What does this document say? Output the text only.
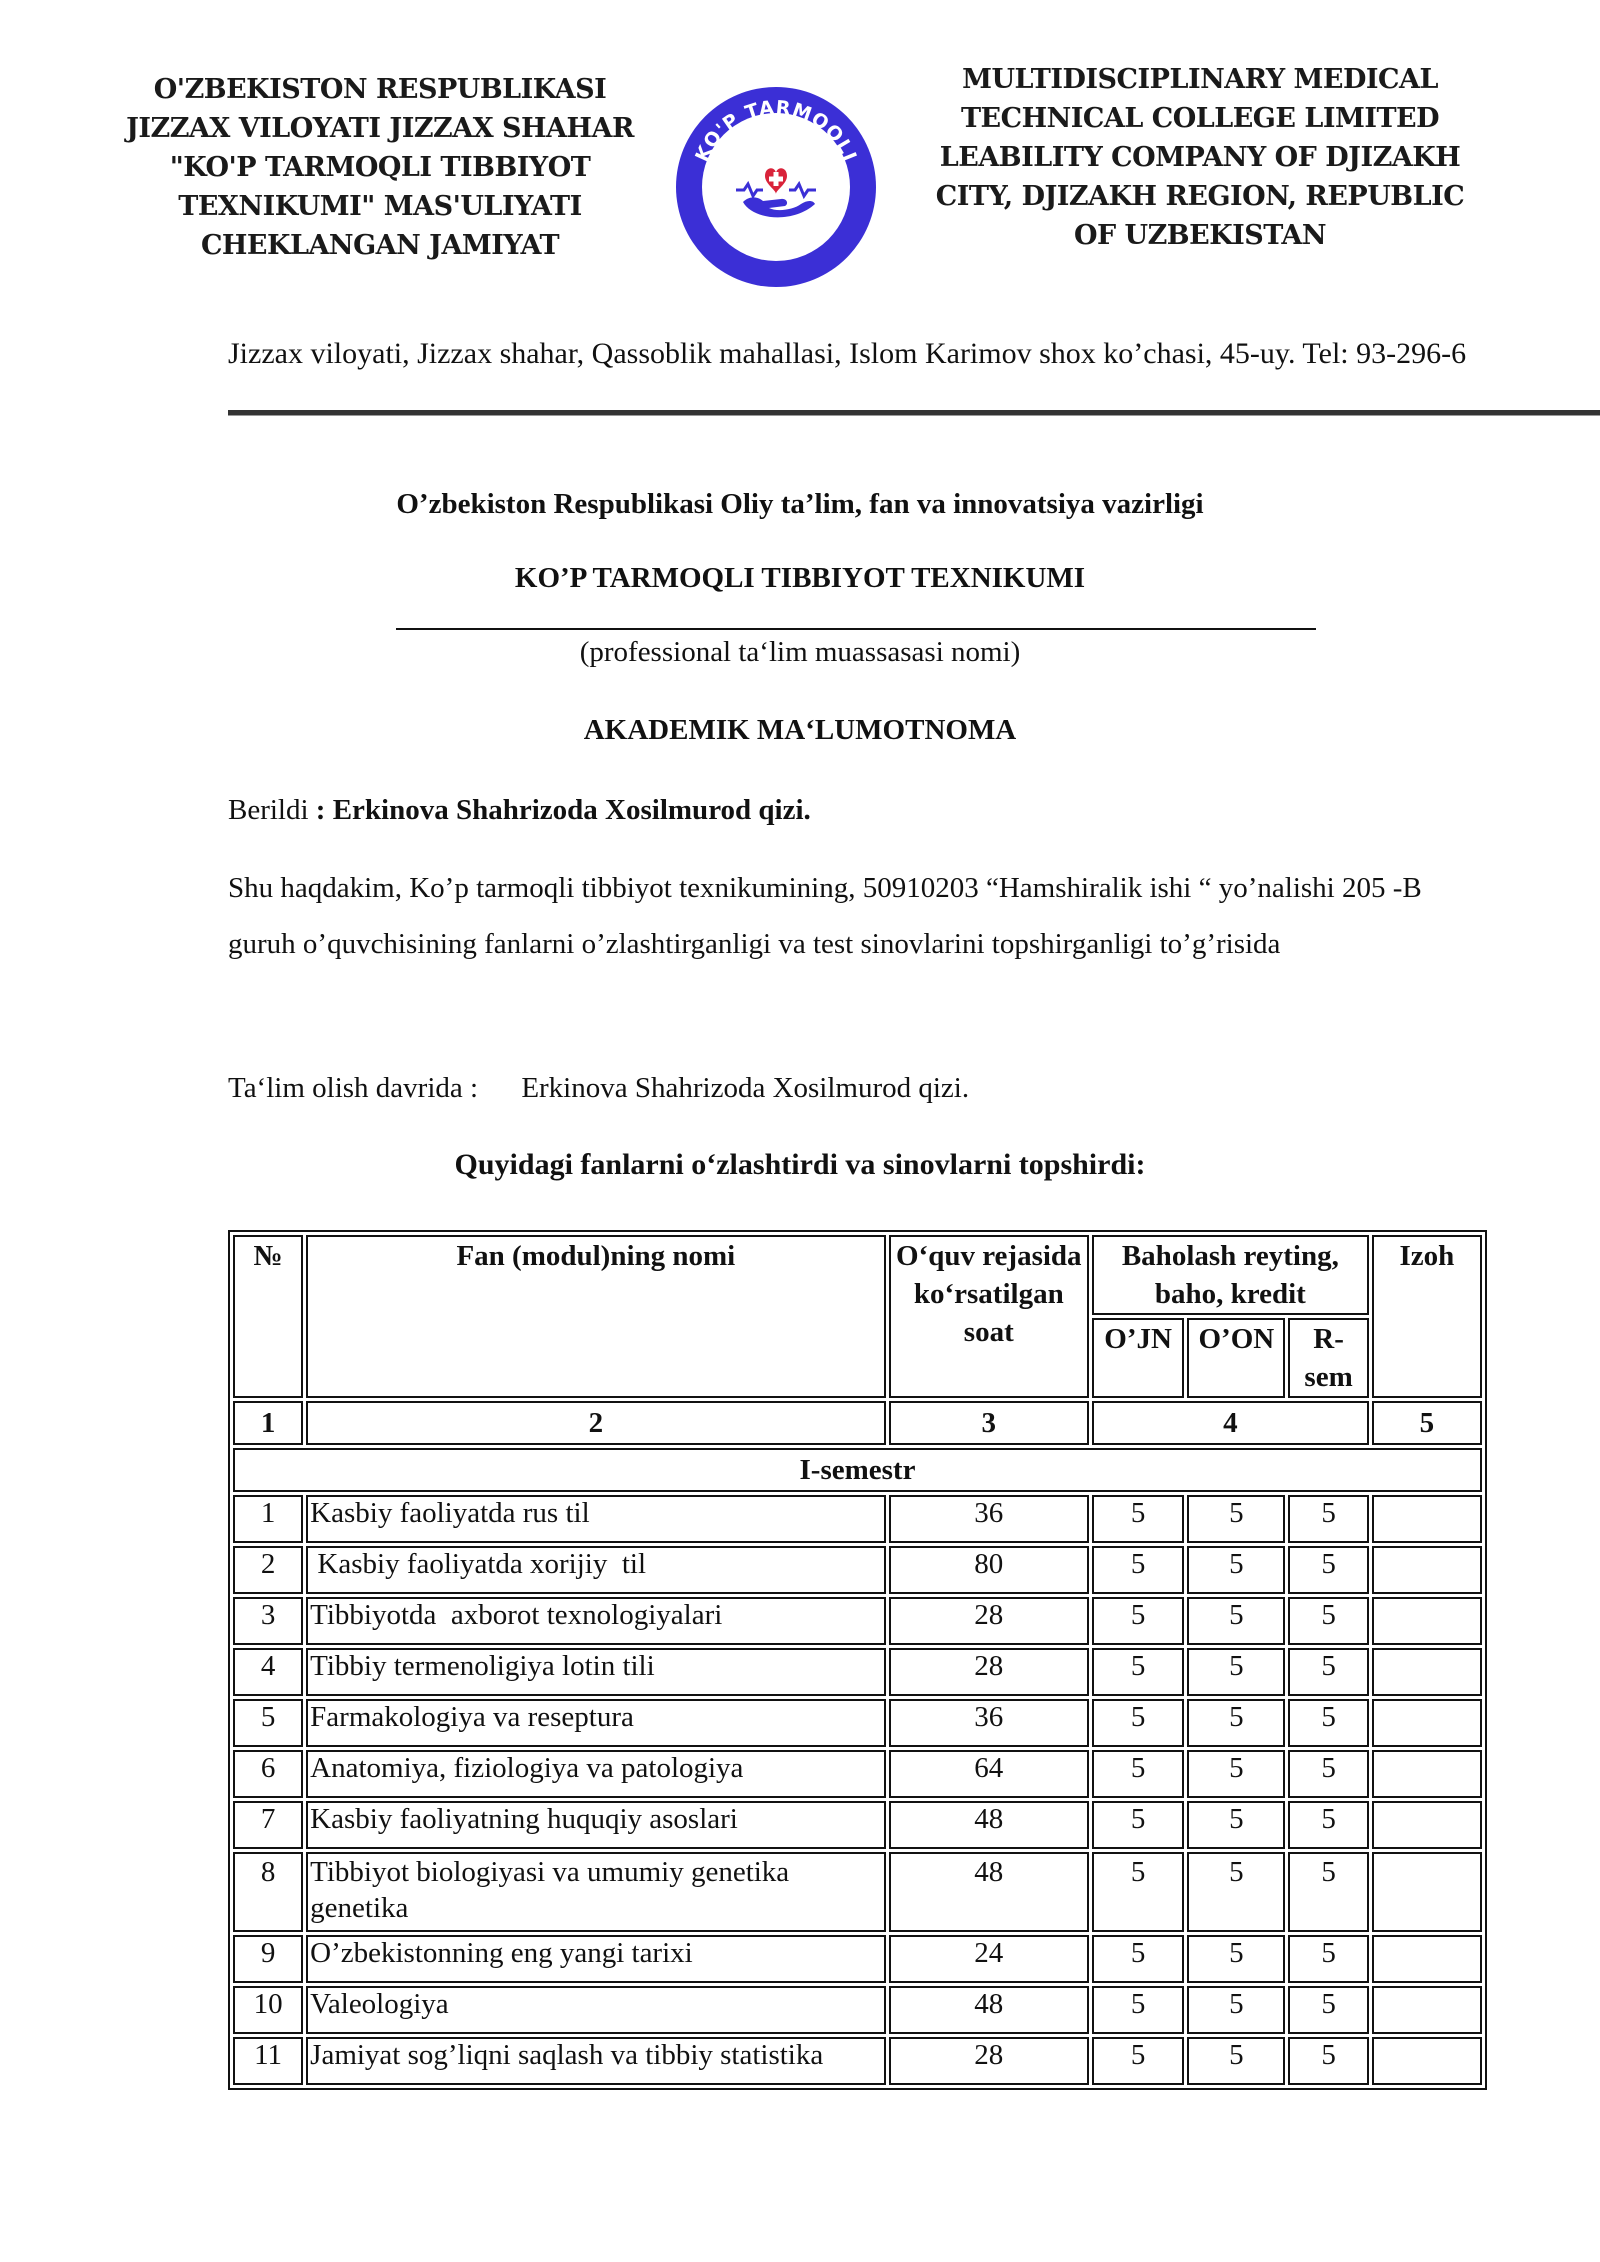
O'ZBEKISTON RESPUBLIKASI
JIZZAX VILOYATI JIZZAX SHAHAR
"KO'P TARMOQLI TIBBIYOT
TEXNIKUMI" MAS'ULIYATI
CHEKLANGAN JAMIYAT
KO'P TARMOQLI
TIBBIYOT TEXNIKUMI
MULTIDISCIPLINARY MEDICAL
TECHNICAL COLLEGE LIMITED
LEABILITY COMPANY OF DJIZAKH
CITY, DJIZAKH REGION, REPUBLIC
OF UZBEKISTAN
Jizzax viloyati, Jizzax shahar, Qassoblik mahallasi, Islom Karimov shox ko’chasi, 45-uy. Tel: 93-296-6
O’zbekiston Respublikasi Oliy ta’lim, fan va innovatsiya vazirligi
KO’P TARMOQLI TIBBIYOT TEXNIKUMI
(professional ta‘lim muassasasi nomi)
AKADEMIK MA‘LUMOTNOMA
Berildi : Erkinova Shahrizoda Xosilmurod qizi.
Shu haqdakim, Ko’p tarmoqli tibbiyot texnikumining, 50910203 “Hamshiralik ishi “ yo’nalishi 205 -B guruh o’quvchisining fanlarni o’zlashtirganligi va test sinovlarini topshirganligi to’g’risida
Ta‘lim olish davrida : Erkinova Shahrizoda Xosilmurod qizi.
Quyidagi fanlarni o‘zlashtirdi va sinovlarni topshirdi:
№	Fan (modul)ning nomi	O‘quv rejasida ko‘rsatilgan soat	Baholash reyting, baho, kredit			Izoh
			O’JN	O’ON	R-sem	
1	2	3	4			5
I-semestr						
1	Kasbiy faoliyatda rus til	36	5	5	5	
2	Kasbiy faoliyatda xorijiy  til	80	5	5	5	
3	Tibbiyotda  axborot texnologiyalari	28	5	5	5	
4	Tibbiy termenoligiya lotin tili	28	5	5	5	
5	Farmakologiya va reseptura	36	5	5	5	
6	Anatomiya, fiziologiya va patologiya	64	5	5	5	
7	Kasbiy faoliyatning huquqiy asoslari	48	5	5	5	
8	Tibbiyot biologiyasi va umumiy genetika genetika	48	5	5	5	
9	O’zbekistonning eng yangi tarixi	24	5	5	5	
10	Valeologiya	48	5	5	5	
11	Jamiyat sog’liqni saqlash va tibbiy statistika	28	5	5	5	
